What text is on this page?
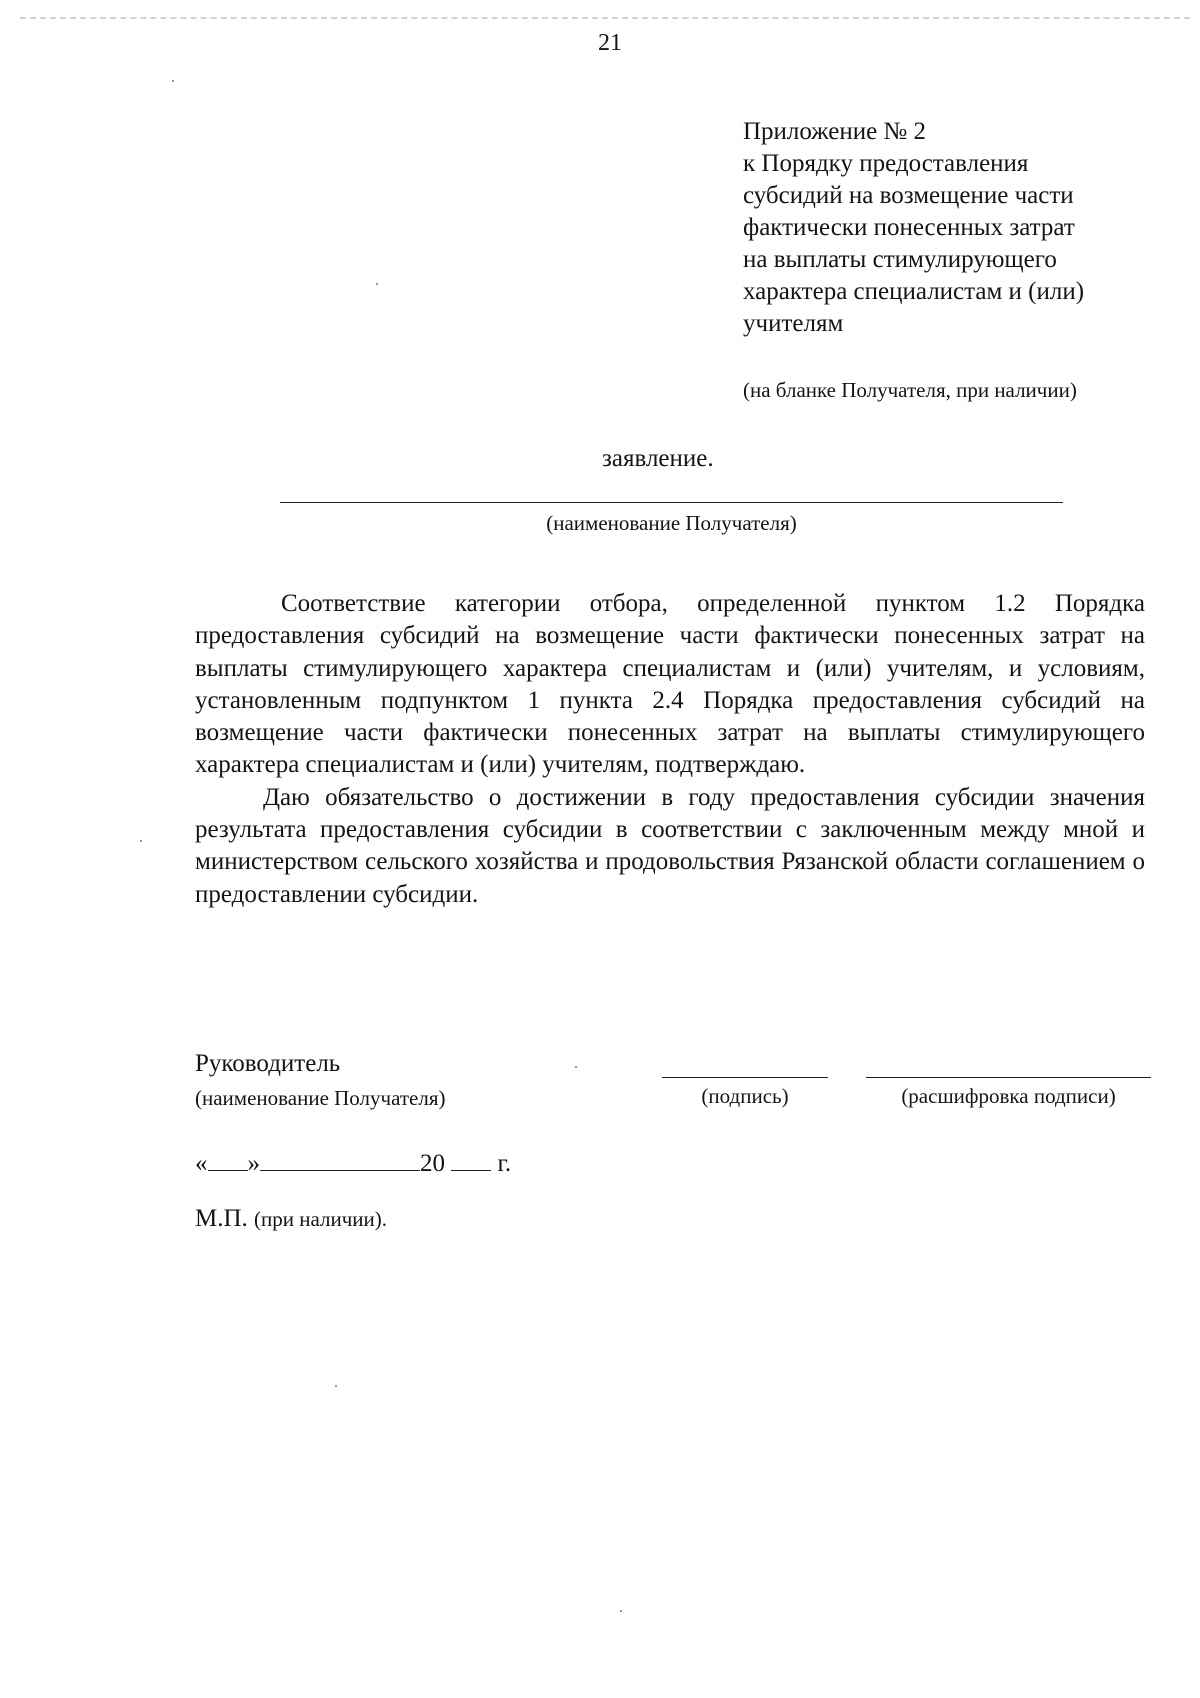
21
Приложение № 2
к Порядку предоставления
субсидий на возмещение части
фактически понесенных затрат
на выплаты стимулирующего
характера специалистам и (или)
учителям
(на бланке Получателя, при наличии)
заявление.
(наименование Получателя)

Соответствие категории отбора, определенной пунктом 1.2 Порядка предоставления субсидий на возмещение части фактически понесенных затрат на выплаты стимулирующего характера специалистам и (или) учителям, и условиям, установленным подпунктом 1 пункта 2.4 Порядка предоставления субсидий на возмещение части фактически понесенных затрат на выплаты стимулирующего характера специалистам и (или) учителям, подтверждаю.

Даю обязательство о достижении в году предоставления субсидии значения результата предоставления субсидии в соответствии с заключенным между мной и министерством сельского хозяйства и продовольствия Рязанской области соглашением о предоставлении субсидии.

Руководитель
(наименование Получателя)	(подпись)	(расшифровка подписи)
« »	20 г.
М.П. (при наличии).
